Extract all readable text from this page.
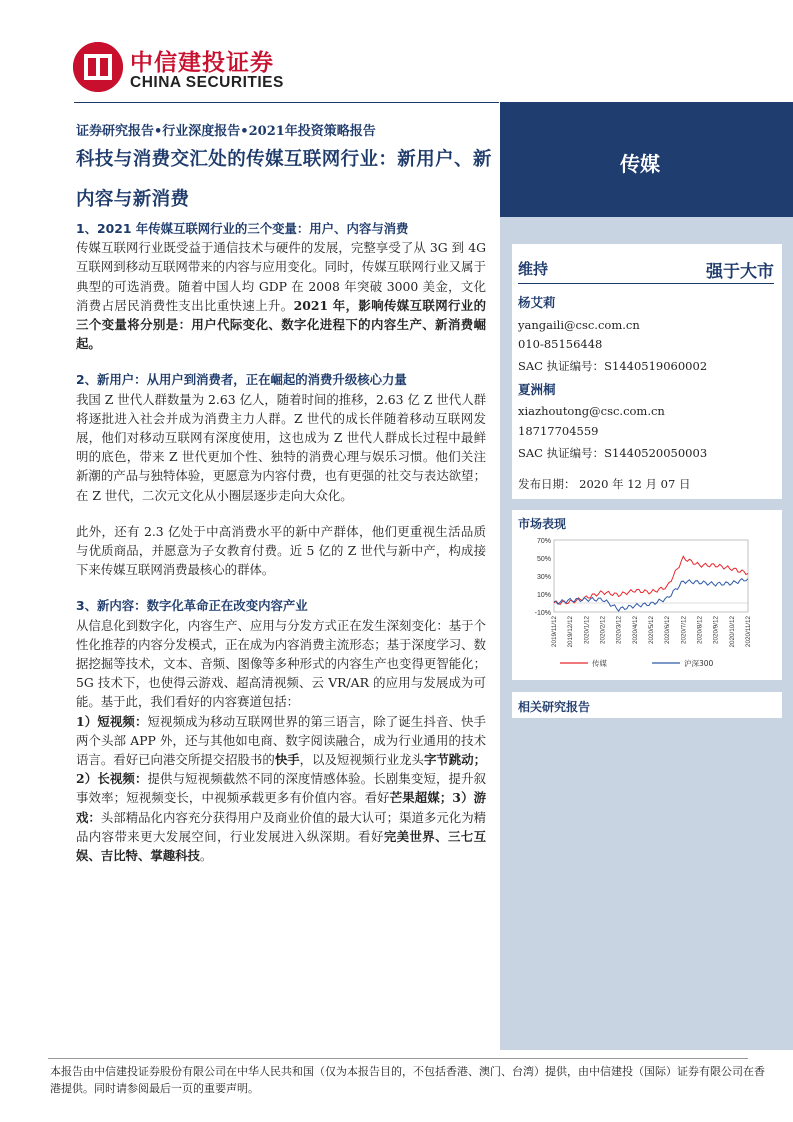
中信建投证券
CHINA SECURITIES
证券研究报告•行业深度报告•2021年投资策略报告
科技与消费交汇处的传媒互联网行业：新用户、新内容与新消费
传媒
维持	强于大市
杨艾莉
yangaili@csc.com.cn
010-85156448
SAC 执证编号：S1440519060002
夏洲桐
xiazhoutong@csc.com.cn
18717704559
SAC 执证编号：S1440520050003
发布日期： 2020 年 12 月 07 日
市场表现
70%
50%
30%
10%
-10%
2019/11/12 2019/12/12 2020/1/12 2020/2/12 2020/3/12 2020/4/12 2020/5/12 2020/6/12 2020/7/12 2020/8/12 2020/9/12 2020/10/12 2020/11/12
传媒	沪深300
相关研究报告

1、2021 年传媒互联网行业的三个变量：用户、内容与消费

传媒互联网行业既受益于通信技术与硬件的发展，完整享受了从 3G 到 4G 互联网到移动互联网带来的内容与应用变化。同时，传媒互联网行业又属于典型的可选消费。随着中国人均 GDP 在 2008 年突破 3000 美金，文化消费占居民消费性支出比重快速上升。2021 年，影响传媒互联网行业的三个变量将分别是：用户代际变化、数字化进程下的内容生产、新消费崛起。

2、新用户：从用户到消费者，正在崛起的消费升级核心力量

我国 Z 世代人群数量为 2.63 亿人，随着时间的推移，2.63 亿 Z 世代人群将逐批进入社会并成为消费主力人群。Z 世代的成长伴随着移动互联网发展，他们对移动互联网有深度使用，这也成为 Z 世代人群成长过程中最鲜明的底色，带来 Z 世代更加个性、独特的消费心理与娱乐习惯。他们关注新潮的产品与独特体验，更愿意为内容付费，也有更强的社交与表达欲望；在 Z 世代，二次元文化从小圈层逐步走向大众化。

此外，还有 2.3 亿处于中高消费水平的新中产群体，他们更重视生活品质与优质商品，并愿意为子女教育付费。近 5 亿的 Z 世代与新中产，构成接下来传媒互联网消费最核心的群体。

3、新内容：数字化革命正在改变内容产业

从信息化到数字化，内容生产、应用与分发方式正在发生深刻变化：基于个性化推荐的内容分发模式，正在成为内容消费主流形态；基于深度学习、数据挖掘等技术，文本、音频、图像等多种形式的内容生产也变得更智能化；5G 技术下，也使得云游戏、超高清视频、云 VR/AR 的应用与发展成为可能。基于此，我们看好的内容赛道包括：

1）短视频：短视频成为移动互联网世界的第三语言，除了诞生抖音、快手两个头部 APP 外，还与其他如电商、数字阅读融合，成为行业通用的技术语言。看好已向港交所提交招股书的快手，以及短视频行业龙头字节跳动；2）长视频：提供与短视频截然不同的深度情感体验。长剧集变短，提升叙事效率；短视频变长，中视频承载更多有价值内容。看好芒果超媒；3）游戏：头部精品化内容充分获得用户及商业价值的最大认可；渠道多元化为精品内容带来更大发展空间，行业发展进入纵深期。看好完美世界、三七互娱、吉比特、掌趣科技。

本报告由中信建投证券股份有限公司在中华人民共和国（仅为本报告目的，不包括香港、澳门、台湾）提供，由中信建投（国际）证券有限公司在香港提供。同时请参阅最后一页的重要声明。
